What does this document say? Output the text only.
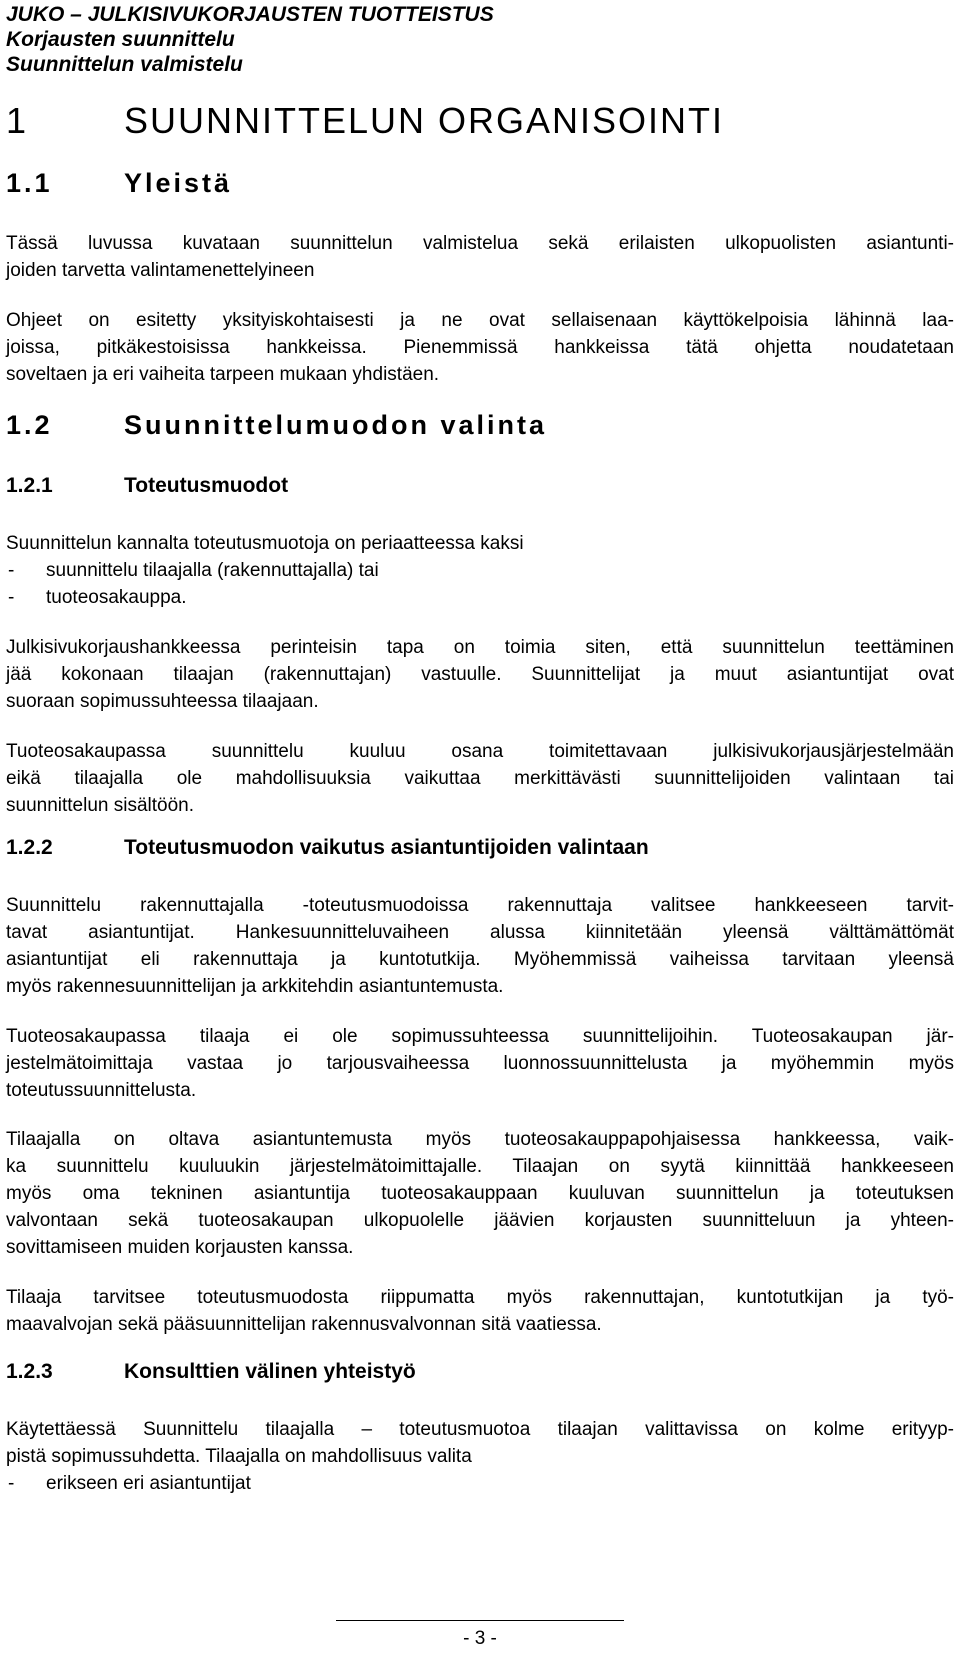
JUKO – JULKISIVUKORJAUSTEN TUOTTEISTUS
Korjausten suunnittelu
Suunnittelun valmistelu
1	SUUNNITTELUN ORGANISOINTI
1.1	Yleistä

Tässä luvussa kuvataan suunnittelun valmistelua sekä erilaisten ulkopuolisten asiantunti-

joiden tarvetta valintamenettelyineen

Ohjeet on esitetty yksityiskohtaisesti ja ne ovat sellaisenaan käyttökelpoisia lähinnä laa-

joissa, pitkäkestoisissa hankkeissa. Pienemmissä hankkeissa tätä ohjetta noudatetaan

soveltaen ja eri vaiheita tarpeen mukaan yhdistäen.

1.2	Suunnittelumuodon valinta
1.2.1	Toteutusmuodot

Suunnittelun kannalta toteutusmuotoja on periaatteessa kaksi

-	suunnittelu tilaajalla (rakennuttajalla) tai
-	tuoteosakauppa.

Julkisivukorjaushankkeessa perinteisin tapa on toimia siten, että suunnittelun teettäminen

jää kokonaan tilaajan (rakennuttajan) vastuulle. Suunnittelijat ja muut asiantuntijat ovat

suoraan sopimussuhteessa tilaajaan.

Tuoteosakaupassa suunnittelu kuuluu osana toimitettavaan julkisivukorjausjärjestelmään

eikä tilaajalla ole mahdollisuuksia vaikuttaa merkittävästi suunnittelijoiden valintaan tai

suunnittelun sisältöön.

1.2.2	Toteutusmuodon vaikutus asiantuntijoiden valintaan

Suunnittelu rakennuttajalla -toteutusmuodoissa rakennuttaja valitsee hankkeeseen tarvit-

tavat asiantuntijat. Hankesuunnitteluvaiheen alussa kiinnitetään yleensä välttämättömät

asiantuntijat eli rakennuttaja ja kuntotutkija. Myöhemmissä vaiheissa tarvitaan yleensä

myös rakennesuunnittelijan ja arkkitehdin asiantuntemusta.

Tuoteosakaupassa tilaaja ei ole sopimussuhteessa suunnittelijoihin. Tuoteosakaupan jär-

jestelmätoimittaja vastaa jo tarjousvaiheessa luonnossuunnittelusta ja myöhemmin myös

toteutussuunnittelusta.

Tilaajalla on oltava asiantuntemusta myös tuoteosakauppapohjaisessa hankkeessa, vaik-

ka suunnittelu kuuluukin järjestelmätoimittajalle. Tilaajan on syytä kiinnittää hankkeeseen

myös oma tekninen asiantuntija tuoteosakauppaan kuuluvan suunnittelun ja toteutuksen

valvontaan sekä tuoteosakaupan ulkopuolelle jäävien korjausten suunnitteluun ja yhteen-

sovittamiseen muiden korjausten kanssa.

Tilaaja tarvitsee toteutusmuodosta riippumatta myös rakennuttajan, kuntotutkijan ja työ-

maavalvojan sekä pääsuunnittelijan rakennusvalvonnan sitä vaatiessa.

1.2.3	Konsulttien välinen yhteistyö

Käytettäessä Suunnittelu tilaajalla – toteutusmuotoa tilaajan valittavissa on kolme erityyp-

pistä sopimussuhdetta. Tilaajalla on mahdollisuus valita

-	erikseen eri asiantuntijat
- 3 -
